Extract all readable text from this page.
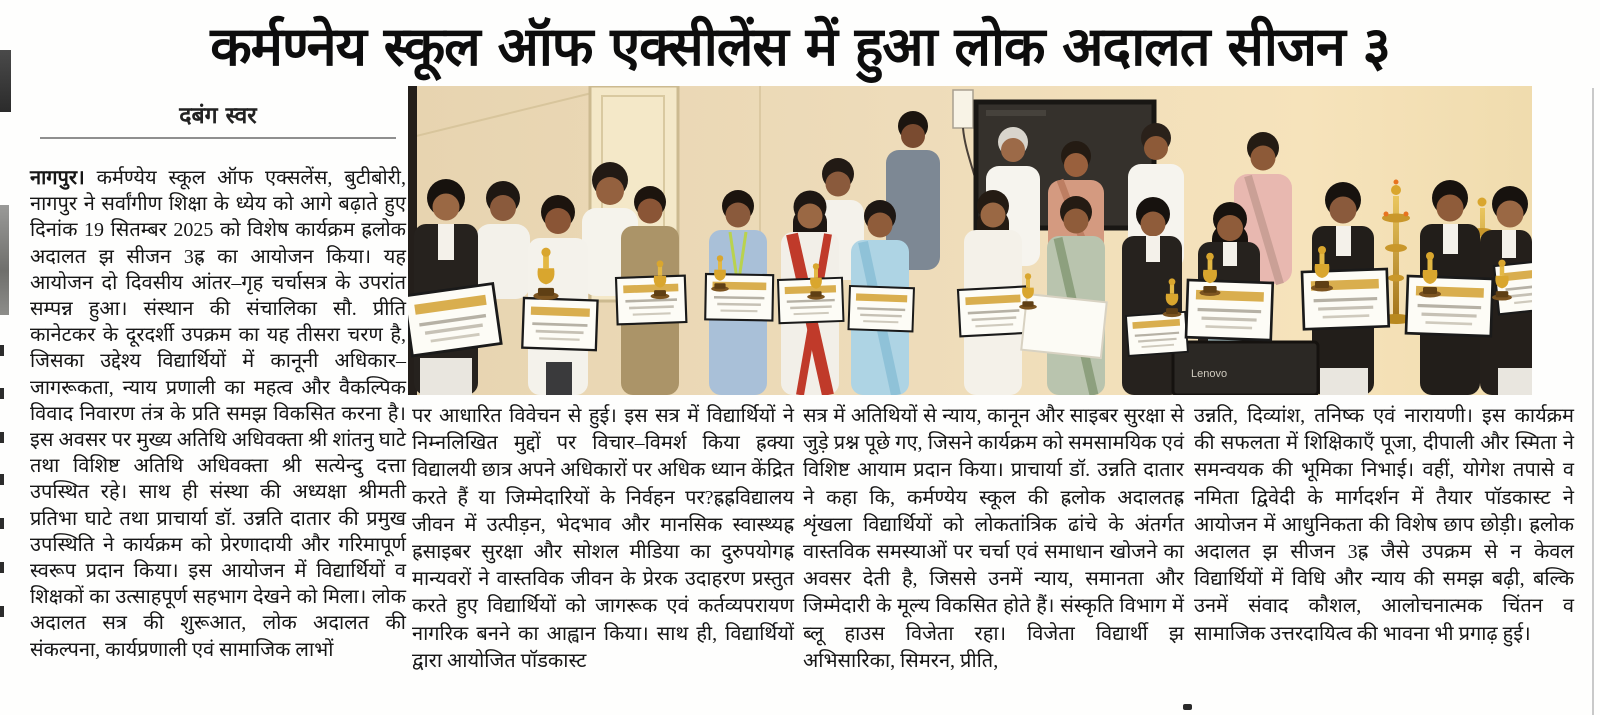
कर्मण्नेय स्कूल ऑफ एक्सीलेंस में हुआ लोक अदालत सीजन ३
दबंग स्वर

नागपुर। कर्मण्येय स्कूल ऑफ एक्सलेंस, बुटीबोरी, नागपुर ने सर्वांगीण शिक्षा के ध्येय को आगे बढ़ाते हुए दिनांक 19 सितम्बर 2025 को विशेष कार्यक्रम ह्रलोक अदालत झ सीजन 3ह्र का आयोजन किया। यह आयोजन दो दिवसीय आंतर–गृह चर्चासत्र के उपरांत सम्पन्न हुआ। संस्थान की संचालिका सौ. प्रीति कानेटकर के दूरदर्शी उपक्रम का यह तीसरा चरण है, जिसका उद्देश्य विद्यार्थियों में कानूनी अधिकार–जागरूकता, न्याय प्रणाली का महत्व और वैकल्पिक विवाद निवारण तंत्र के प्रति समझ विकसित करना है। इस अवसर पर मुख्य अतिथि अधिवक्ता श्री शांतनु घाटे तथा विशिष्ट अतिथि अधिवक्ता श्री सत्येन्दु दत्ता उपस्थित रहे। साथ ही संस्था की अध्यक्षा श्रीमती प्रतिभा घाटे तथा प्राचार्या डॉ. उन्नति दातार की प्रमुख उपस्थिति ने कार्यक्रम को प्रेरणादायी और गरिमापूर्ण स्वरूप प्रदान किया। इस आयोजन में विद्यार्थियों व शिक्षकों का उत्साहपूर्ण सहभाग देखने को मिला। लोक अदालत सत्र की शुरूआत, लोक अदालत की संकल्पना, कार्यप्रणाली एवं सामाजिक लाभों

Lenovo

पर आधारित विवेचन से हुई। इस सत्र में विद्यार्थियों ने निम्नलिखित मुद्दों पर विचार–विमर्श किया ह्रक्या विद्यालयी छात्र अपने अधिकारों पर अधिक ध्यान केंद्रित करते हैं या जिम्मेदारियों के निर्वहन पर?ह्रह्रविद्यालय जीवन में उत्पीड़न, भेदभाव और मानसिक स्वास्थ्यह्र ह्रसाइबर सुरक्षा और सोशल मीडिया का दुरुपयोगह्र मान्यवरों ने वास्तविक जीवन के प्रेरक उदाहरण प्रस्तुत करते हुए विद्यार्थियों को जागरूक एवं कर्तव्यपरायण नागरिक बनने का आह्वान किया। साथ ही, विद्यार्थियों द्वारा आयोजित पॉडकास्ट

सत्र में अतिथियों से न्याय, कानून और साइबर सुरक्षा से जुड़े प्रश्न पूछे गए, जिसने कार्यक्रम को समसामयिक एवं विशिष्ट आयाम प्रदान किया। प्राचार्या डॉ. उन्नति दातार ने कहा कि, कर्मण्येय स्कूल की ह्रलोक अदालतह्र शृंखला विद्यार्थियों को लोकतांत्रिक ढांचे के अंतर्गत वास्तविक समस्याओं पर चर्चा एवं समाधान खोजने का अवसर देती है, जिससे उनमें न्याय, समानता और जिम्मेदारी के मूल्य विकसित होते हैं। संस्कृति विभाग में ब्लू हाउस विजेता रहा। विजेता विद्यार्थी झ अभिसारिका, सिमरन, प्रीति,

उन्नति, दिव्यांश, तनिष्क एवं नारायणी। इस कार्यक्रम की सफलता में शिक्षिकाएँ पूजा, दीपाली और स्मिता ने समन्वयक की भूमिका निभाई। वहीं, योगेश तपासे व नमिता द्विवेदी के मार्गदर्शन में तैयार पॉडकास्ट ने आयोजन में आधुनिकता की विशेष छाप छोड़ी। ह्रलोक अदालत झ सीजन 3ह्र जैसे उपक्रम से न केवल विद्यार्थियों में विधि और न्याय की समझ बढ़ी, बल्कि उनमें संवाद कौशल, आलोचनात्मक चिंतन व सामाजिक उत्तरदायित्व की भावना भी प्रगाढ़ हुई।
